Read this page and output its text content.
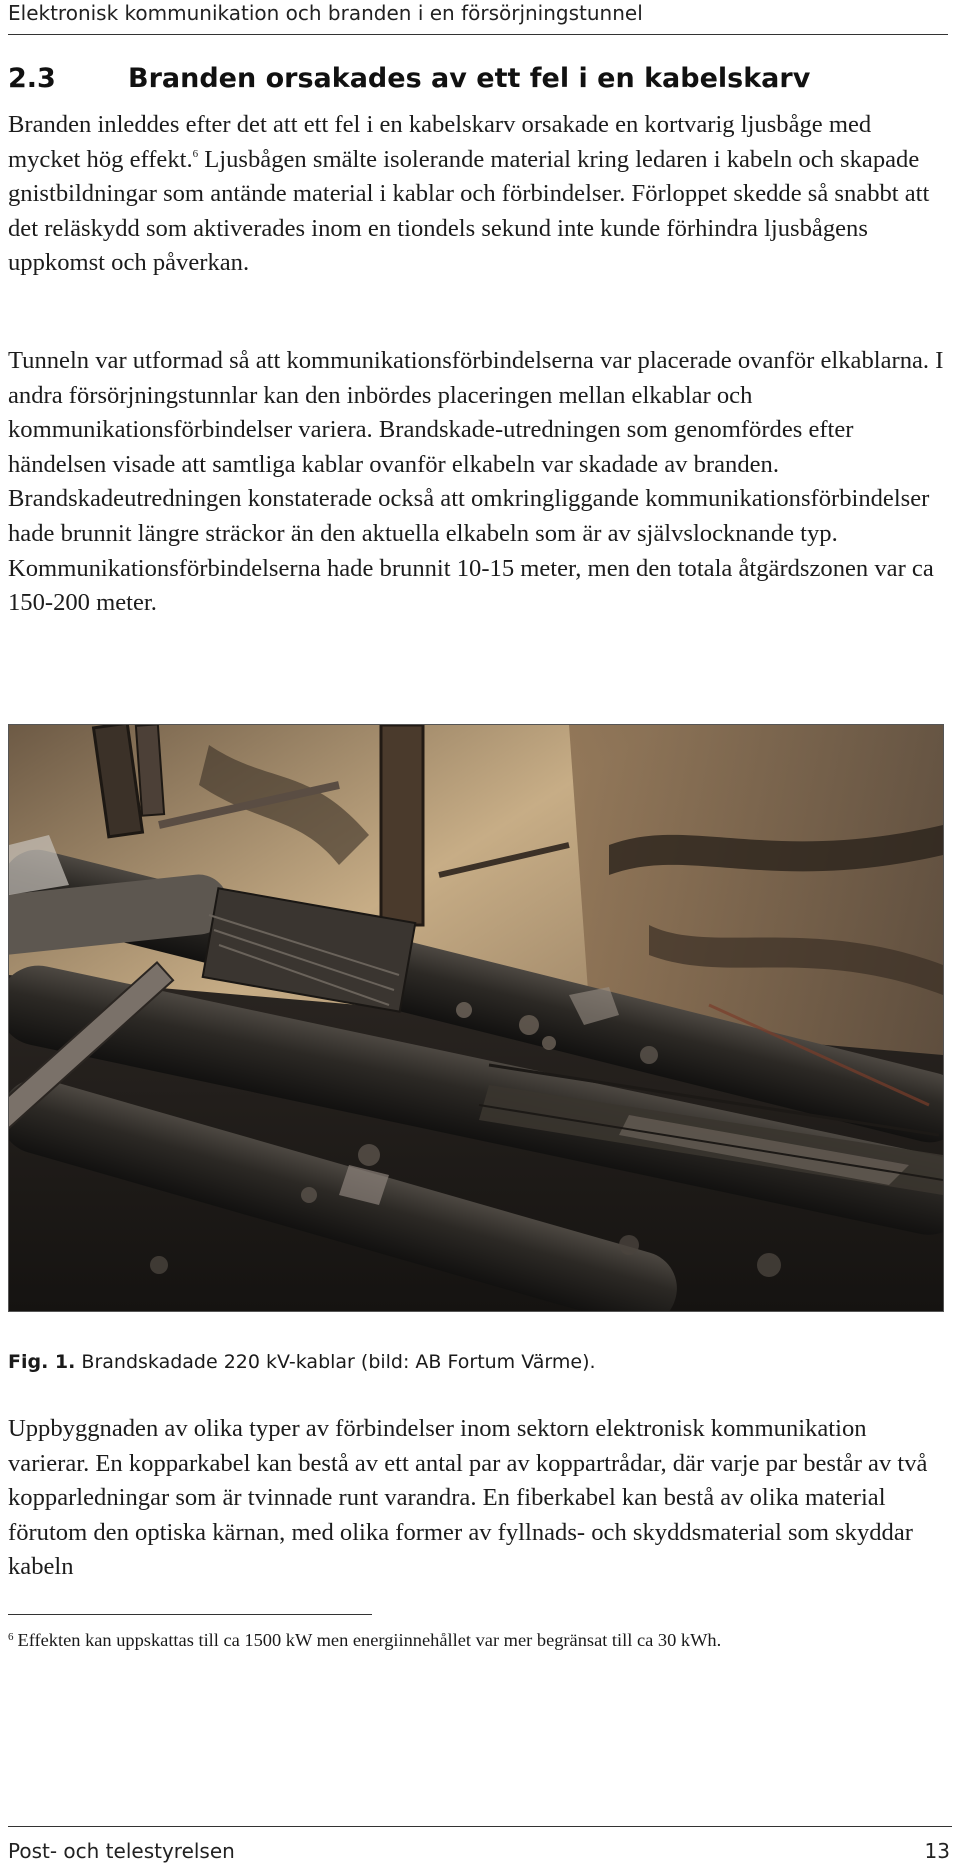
Elektronisk kommunikation och branden i en försörjningstunnel
2.3	Branden orsakades av ett fel i en kabelskarv

Branden inleddes efter det att ett fel i en kabelskarv orsakade en kortvarig ljusbåge med mycket hög effekt.$^6$ Ljusbågen smälte isolerande material kring ledaren i kabeln och skapade gnistbildningar som antände material i kablar och förbindelser. Förloppet skedde så snabbt att det reläskydd som aktiverades inom en tiondels sekund inte kunde förhindra ljusbågens uppkomst och påverkan.

Tunneln var utformad så att kommunikationsförbindelserna var placerade ovanför elkablarna. I andra försörjningstunnlar kan den inbördes placeringen mellan elkablar och kommunikationsförbindelser variera. Brandskade-utredningen som genomfördes efter händelsen visade att samtliga kablar ovanför elkabeln var skadade av branden. Brandskadeutredningen konstaterade också att omkringliggande kommunikationsförbindelser hade brunnit längre sträckor än den aktuella elkabeln som är av självslocknande typ. Kommunikationsförbindelserna hade brunnit 10-15 meter, men den totala åtgärdszonen var ca 150-200 meter.

Fig. 1. Brandskadade 220 kV-kablar (bild: AB Fortum Värme).

Uppbyggnaden av olika typer av förbindelser inom sektorn elektronisk kommunikation varierar. En kopparkabel kan bestå av ett antal par av koppartrådar, där varje par består av två kopparledningar som är tvinnade runt varandra. En fiberkabel kan bestå av olika material förutom den optiska kärnan, med olika former av fyllnads- och skyddsmaterial som skyddar kabeln

$^6$ Effekten kan uppskattas till ca 1500 kW men energiinnehållet var mer begränsat till ca 30 kWh.
Post- och telestyrelsen	13
